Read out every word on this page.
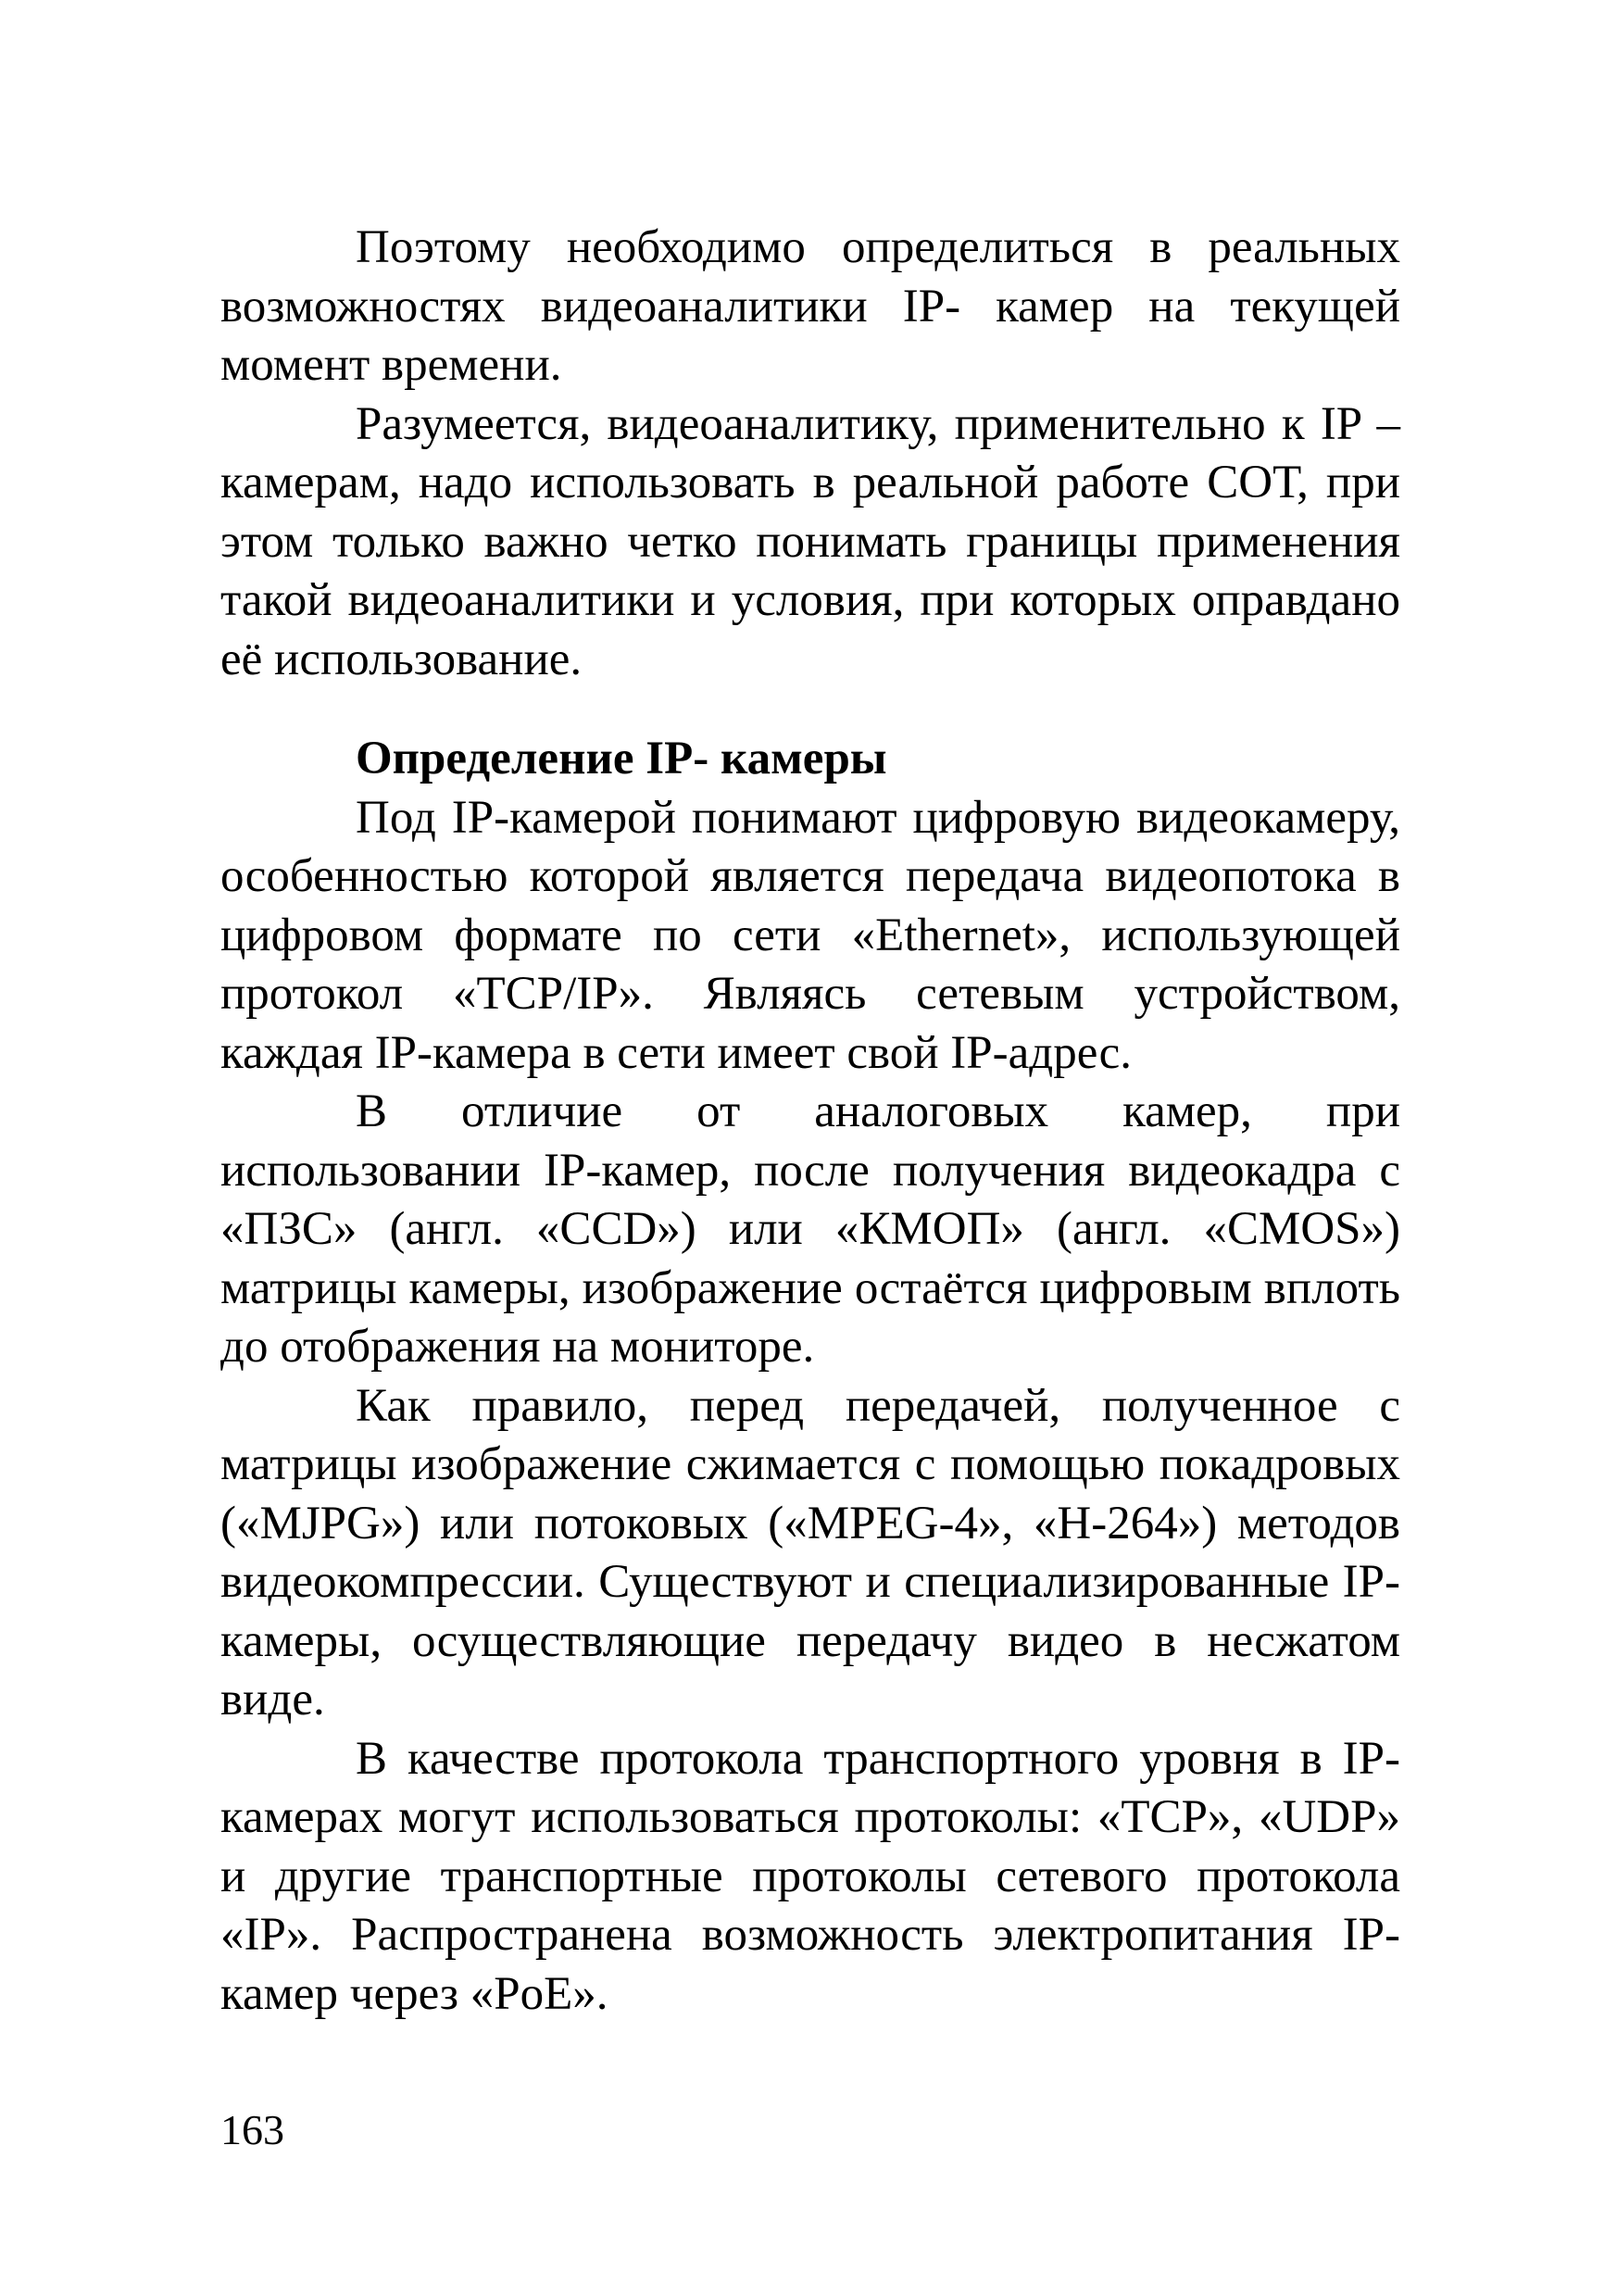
Поэтому необходимо определиться в реальных возможностях видеоаналитики IP- камер на текущей момент времени.

Разумеется, видеоаналитику, применительно к IP – камерам, надо использовать в реальной работе СОТ, при этом только важно четко понимать границы применения такой видеоаналитики и условия, при которых оправдано её использование.

Определение IP- камеры

Под IP-камерой понимают цифровую видеокамеру, особенностью которой является передача видеопотока в цифровом формате по сети «Ethernet», использующей протокол «TCP/IP». Являясь сетевым устройством, каждая IP-камера в сети имеет свой IP-адрес.

В отличие от аналоговых камер, при использовании IP-камер, после получения видеокадра с «ПЗС» (англ. «CCD») или «КМОП» (англ. «CMOS») матрицы камеры, изображение остаётся цифровым вплоть до отображения на мониторе.

Как правило, перед передачей, полученное с матрицы изображение сжимается с помощью покадровых («MJPG») или потоковых («MPEG-4», «H-264») методов видеокомпрессии. Существуют и специализированные IP-камеры, осуществляющие передачу видео в несжатом виде.

В качестве протокола транспортного уровня в IP-камерах могут использоваться протоколы: «TCP», «UDP» и другие транспортные протоколы сетевого протокола «IP». Распространена возможность электропитания IP-камер через «PoE».

163
